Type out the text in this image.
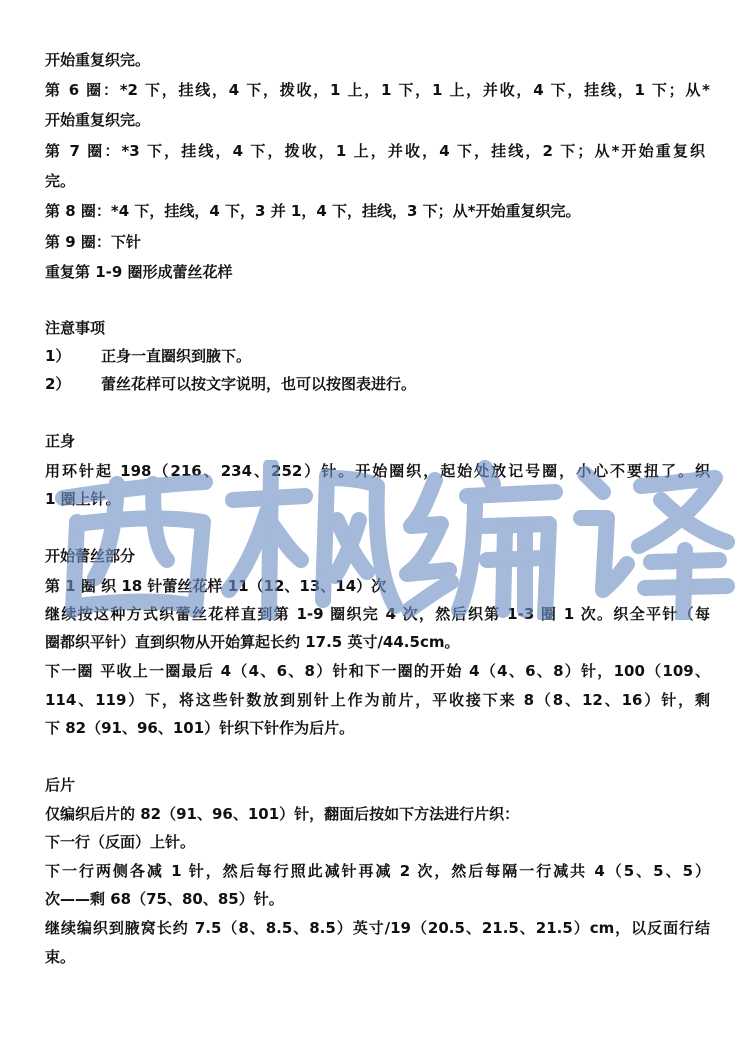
开始重复织完。
第 6 圈：*2 下，挂线，4 下，拨收，1 上，1 下，1 上，并收，4 下，挂线，1 下；从*
开始重复织完。
第 7 圈：*3 下，挂线，4 下，拨收，1 上，并收，4 下，挂线，2 下；从*开始重复织
完。
第 8 圈：*4 下，挂线，4 下，3 并 1，4 下，挂线，3 下；从*开始重复织完。
第 9 圈：下针
重复第 1-9 圈形成蕾丝花样
注意事项
1） 正身一直圈织到腋下。
2） 蕾丝花样可以按文字说明，也可以按图表进行。
正身
用环针起 198（216、234、252）针。开始圈织，起始处放记号圈，小心不要扭了。织
1 圈上针。
开始蕾丝部分
第 1 圈 织 18 针蕾丝花样 11（12、13、14）次
继续按这种方式织蕾丝花样直到第 1-9 圈织完 4 次，然后织第 1-3 圈 1 次。织全平针（每
圈都织平针）直到织物从开始算起长约 17.5 英寸/44.5cm。
下一圈 平收上一圈最后 4（4、6、8）针和下一圈的开始 4（4、6、8）针，100（109、
114、119）下，将这些针数放到别针上作为前片，平收接下来 8（8、12、16）针，剩
下 82（91、96、101）针织下针作为后片。
后片
仅编织后片的 82（91、96、101）针，翻面后按如下方法进行片织：
下一行（反面）上针。
下一行两侧各减 1 针，然后每行照此减针再减 2 次，然后每隔一行减共 4（5、5、5）
次——剩 68（75、80、85）针。
继续编织到腋窝长约 7.5（8、8.5、8.5）英寸/19（20.5、21.5、21.5）cm，以反面行结
束。
